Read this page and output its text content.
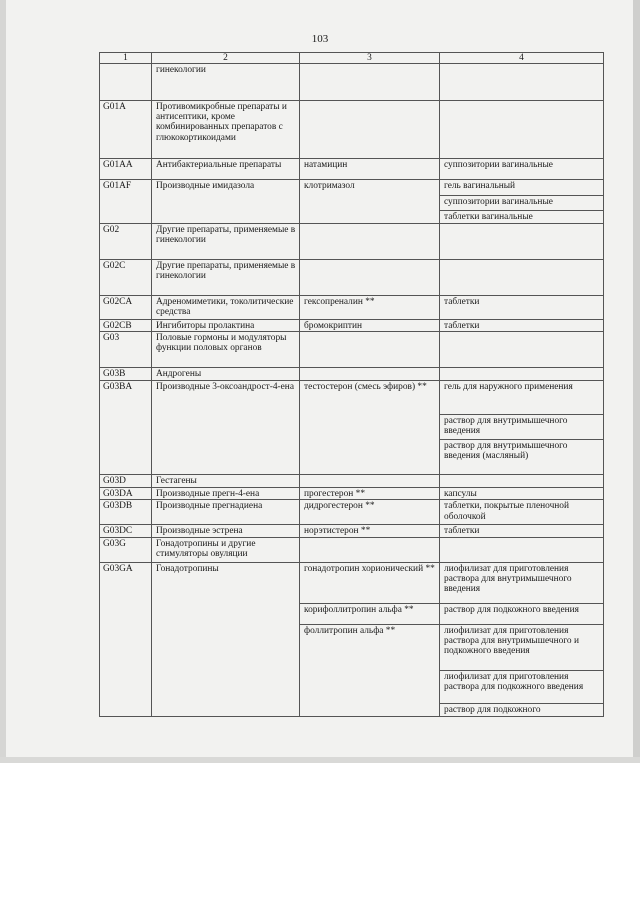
103
1	2	3	4
	гинекологии		
G01A	Противомикробные препараты и антисептики, кроме комбинированных препаратов с глюкокортикоидами		
G01AA	Антибактериальные препараты	натамицин	суппозитории вагинальные
G01AF	Производные имидазола	клотримазол	гель вагинальный
			суппозитории вагинальные
			таблетки вагинальные
G02	Другие препараты, применяемые в гинекологии		
G02C	Другие препараты, применяемые в гинекологии		
G02CA	Адреномиметики, токолитические средства	гексопреналин **	таблетки
G02CB	Ингибиторы пролактина	бромокриптин	таблетки
G03	Половые гормоны и модуляторы функции половых органов		
G03B	Андрогены		
G03BA	Производные 3-оксоандрост-4-ена	тестостерон (смесь эфиров) **	гель для наружного применения
			раствор для внутримышечного введения
			раствор для внутримышечного введения (масляный)
G03D	Гестагены		
G03DA	Производные прегн-4-ена	прогестерон **	капсулы
G03DB	Производные прегнадиена	дидрогестерон **	таблетки, покрытые пленочной оболочкой
G03DC	Производные эстрена	норэтистерон **	таблетки
G03G	Гонадотропины и другие стимуляторы овуляции		
G03GA	Гонадотропины	гонадотропин хорионический **	лиофилизат для приготовления раствора для внутримышечного введения
		корифоллитропин альфа **	раствор для подкожного введения
		фоллитропин альфа **	лиофилизат для приготовления раствора для внутримышечного и подкожного введения
			лиофилизат для приготовления раствора для подкожного введения
			раствор для подкожного
